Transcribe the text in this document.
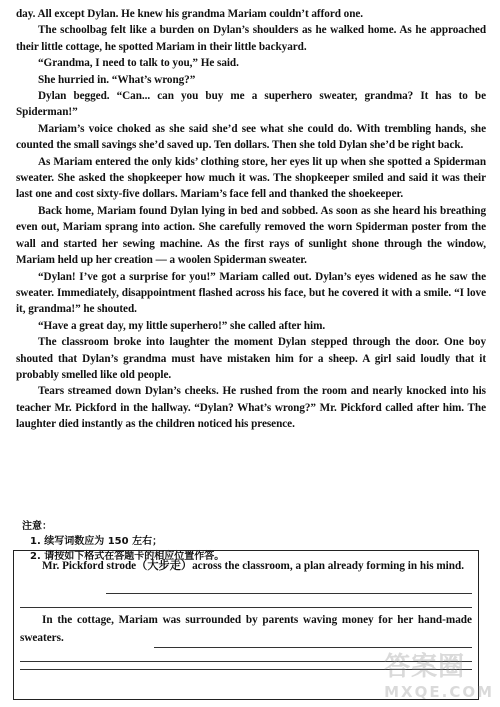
day. All except Dylan. He knew his grandma Mariam couldn’t afford one.

The schoolbag felt like a burden on Dylan’s shoulders as he walked home. As he approached their little cottage, he spotted Mariam in their little backyard.

“Grandma, I need to talk to you,” He said.

She hurried in. “What’s wrong?”

Dylan begged. “Can... can you buy me a superhero sweater, grandma? It has to be Spiderman!”

Mariam’s voice choked as she said she’d see what she could do. With trembling hands, she counted the small savings she’d saved up. Ten dollars. Then she told Dylan she’d be right back.

As Mariam entered the only kids’ clothing store, her eyes lit up when she spotted a Spiderman sweater. She asked the shopkeeper how much it was. The shopkeeper smiled and said it was their last one and cost sixty-five dollars. Mariam’s face fell and thanked the shoekeeper.

Back home, Mariam found Dylan lying in bed and sobbed. As soon as she heard his breathing even out, Mariam sprang into action. She carefully removed the worn Spiderman poster from the wall and started her sewing machine. As the first rays of sunlight shone through the window, Mariam held up her creation — a woolen Spiderman sweater.

“Dylan! I’ve got a surprise for you!” Mariam called out. Dylan’s eyes widened as he saw the sweater. Immediately, disappointment flashed across his face, but he covered it with a smile. “I love it, grandma!” he shouted.

“Have a great day, my little superhero!” she called after him.

The classroom broke into laughter the moment Dylan stepped through the door. One boy shouted that Dylan’s grandma must have mistaken him for a sheep. A girl said loudly that it probably smelled like old people.

Tears streamed down Dylan’s cheeks. He rushed from the room and nearly knocked into his teacher Mr. Pickford in the hallway. “Dylan? What’s wrong?” Mr. Pickford called after him. The laughter died instantly as the children noticed his presence.

注意：

1. 续写词数应为 150 左右；

2. 请按如下格式在答题卡的相应位置作答。

Mr. Pickford strode（大步走）across the classroom, a plan already forming in his mind.

In the cottage, Mariam was surrounded by parents waving money for her hand-made sweaters.

答案圈
MXQE.COM
